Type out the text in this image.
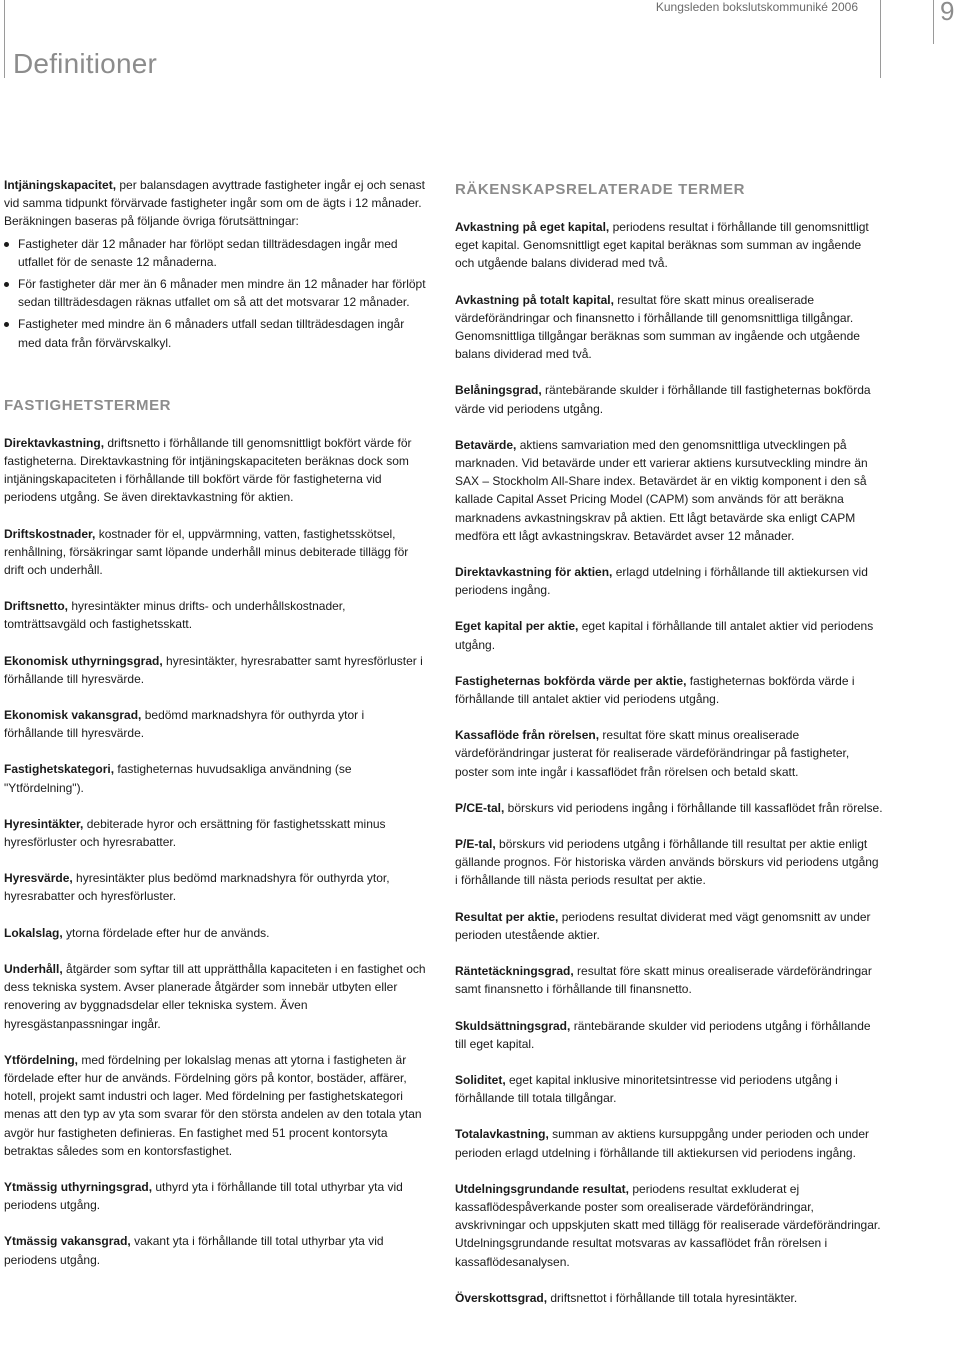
Kungsleden bokslutskommuniké 2006	9
Definitioner

Intjäningskapacitet, per balansdagen avyttrade fastigheter ingår ej och senast vid samma tidpunkt förvärvade fastigheter ingår som om de ägts i 12 månader. Beräkningen baseras på följande övriga förutsättningar:

Fastigheter där 12 månader har förlöpt sedan tillträdesdagen ingår med utfallet för de senaste 12 månaderna.
För fastigheter där mer än 6 månader men mindre än 12 månader har förlöpt sedan tillträdesdagen räknas utfallet om så att det motsvarar 12 månader.
Fastigheter med mindre än 6 månaders utfall sedan tillträdesdagen ingår med data från förvärvskalkyl.
FASTIGHETSTERMER

Direktavkastning, driftsnetto i förhållande till genomsnittligt bokfört värde för fastigheterna. Direktavkastning för intjäningskapaciteten beräknas dock som intjäningskapaciteten i förhållande till bokfört värde för fastigheterna vid periodens utgång. Se även direktavkastning för aktien.

Driftskostnader, kostnader för el, uppvärmning, vatten, fastighetsskötsel, renhållning, försäkringar samt löpande underhåll minus debiterade tillägg för drift och underhåll.

Driftsnetto, hyresintäkter minus drifts- och underhållskostnader, tomträttsavgäld och fastighetsskatt.

Ekonomisk uthyrningsgrad, hyresintäkter, hyresrabatter samt hyresförluster i förhållande till hyresvärde.

Ekonomisk vakansgrad, bedömd marknadshyra för outhyrda ytor i förhållande till hyresvärde.

Fastighetskategori, fastigheternas huvudsakliga användning (se "Ytfördelning").

Hyresintäkter, debiterade hyror och ersättning för fastighetsskatt minus hyresförluster och hyresrabatter.

Hyresvärde, hyresintäkter plus bedömd marknadshyra för outhyrda ytor, hyresrabatter och hyresförluster.

Lokalslag, ytorna fördelade efter hur de används.

Underhåll, åtgärder som syftar till att upprätthålla kapaciteten i en fastighet och dess tekniska system. Avser planerade åtgärder som innebär utbyten eller renovering av byggnadsdelar eller tekniska system. Även hyresgästanpassningar ingår.

Ytfördelning, med fördelning per lokalslag menas att ytorna i fastigheten är fördelade efter hur de används. Fördelning görs på kontor, bostäder, affärer, hotell, projekt samt industri och lager. Med fördelning per fastighetskategori menas att den typ av yta som svarar för den största andelen av den totala ytan avgör hur fastigheten definieras. En fastighet med 51 procent kontorsyta betraktas således som en kontorsfastighet.

Ytmässig uthyrningsgrad, uthyrd yta i förhållande till total uthyrbar yta vid periodens utgång.

Ytmässig vakansgrad, vakant yta i förhållande till total uthyrbar yta vid periodens utgång.

RÄKENSKAPSRELATERADE TERMER

Avkastning på eget kapital, periodens resultat i förhållande till genomsnittligt eget kapital. Genomsnittligt eget kapital beräknas som summan av ingående och utgående balans dividerad med två.

Avkastning på totalt kapital, resultat före skatt minus orealiserade värdeförändringar och finansnetto i förhållande till genomsnittliga tillgångar. Genomsnittliga tillgångar beräknas som summan av ingående och utgående balans dividerad med två.

Belåningsgrad, räntebärande skulder i förhållande till fastigheternas bokförda värde vid periodens utgång.

Betavärde, aktiens samvariation med den genomsnittliga utvecklingen på marknaden. Vid betavärde under ett varierar aktiens kursutveckling mindre än SAX – Stockholm All-Share index. Betavärdet är en viktig komponent i den så kallade Capital Asset Pricing Model (CAPM) som används för att beräkna marknadens avkastningskrav på aktien. Ett lågt betavärde ska enligt CAPM medföra ett lågt avkastningskrav. Betavärdet avser 12 månader.

Direktavkastning för aktien, erlagd utdelning i förhållande till aktiekursen vid periodens ingång.

Eget kapital per aktie, eget kapital i förhållande till antalet aktier vid periodens utgång.

Fastigheternas bokförda värde per aktie, fastigheternas bokförda värde i förhållande till antalet aktier vid periodens utgång.

Kassaflöde från rörelsen, resultat före skatt minus orealiserade värdeförändringar justerat för realiserade värdeförändringar på fastigheter, poster som inte ingår i kassaflödet från rörelsen och betald skatt.

P/CE-tal, börskurs vid periodens ingång i förhållande till kassaflödet från rörelse.

P/E-tal, börskurs vid periodens utgång i förhållande till resultat per aktie enligt gällande prognos. För historiska värden används börskurs vid periodens utgång i förhållande till nästa periods resultat per aktie.

Resultat per aktie, periodens resultat dividerat med vägt genomsnitt av under perioden utestående aktier.

Räntetäckningsgrad, resultat före skatt minus orealiserade värdeförändringar samt finansnetto i förhållande till finansnetto.

Skuldsättningsgrad, räntebärande skulder vid periodens utgång i förhållande till eget kapital.

Soliditet, eget kapital inklusive minoritetsintresse vid periodens utgång i förhållande till totala tillgångar.

Totalavkastning, summan av aktiens kursuppgång under perioden och under perioden erlagd utdelning i förhållande till aktiekursen vid periodens ingång.

Utdelningsgrundande resultat, periodens resultat exkluderat ej kassaflödespåverkande poster som orealiserade värdeförändringar, avskrivningar och uppskjuten skatt med tillägg för realiserade värdeförändringar. Utdelningsgrundande resultat motsvaras av kassaflödet från rörelsen i kassaflödesanalysen.

Överskottsgrad, driftsnettot i förhållande till totala hyresintäkter.
